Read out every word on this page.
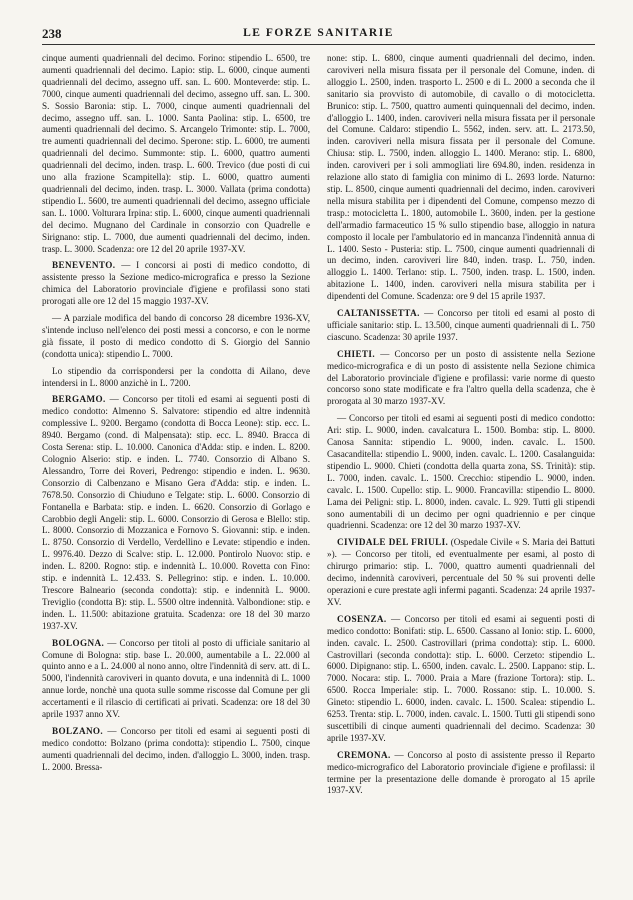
238	LE FORZE SANITARIE

cinque aumenti quadriennali del decimo. Forino: stipendio L. 6500, tre aumenti quadriennali del decimo. Lapio: stip. L. 6000, cinque aumenti quadriennali del decimo, assegno uff. san. L. 600. Monteverde: stip. L. 7000, cinque aumenti quadriennali del decimo, assegno uff. san. L. 300. S. Sossio Baronia: stip. L. 7000, cinque aumenti quadriennali del decimo, assegno uff. san. L. 1000. Santa Paolina: stip. L. 6500, tre aumenti quadriennali del decimo. S. Arcangelo Trimonte: stip. L. 7000, tre aumenti quadriennali del decimo. Sperone: stip. L. 6000, tre aumenti quadriennali del decimo. Summonte: stip. L. 6000, quattro aumenti quadriennali del decimo, inden. trasp. L. 600. Trevico (due posti di cui uno alla frazione Scampitella): stip. L. 6000, quattro aumenti quadriennali del decimo, inden. trasp. L. 3000. Vallata (prima condotta) stipendio L. 5600, tre aumenti quadriennali del decimo, assegno ufficiale san. L. 1000. Volturara Irpina: stip. L. 6000, cinque aumenti quadriennali del decimo. Mugnano del Cardinale in consorzio con Quadrelle e Sirignano: stip. L. 7000, due aumenti quadriennali del decimo, inden. trasp. L. 3000. Scadenza: ore 12 del 20 aprile 1937-XV.

BENEVENTO. — I concorsi ai posti di medico condotto, di assistente presso la Sezione medico-micrografica e presso la Sezione chimica del Laboratorio provinciale d'igiene e profilassi sono stati prorogati alle ore 12 del 15 maggio 1937-XV.

— A parziale modifica del bando di concorso 28 dicembre 1936-XV, s'intende incluso nell'elenco dei posti messi a concorso, e con le norme già fissate, il posto di medico condotto di S. Giorgio del Sannio (condotta unica): stipendio L. 7000.

Lo stipendio da corrispondersi per la condotta di Ailano, deve intendersi in L. 8000 anzichè in L. 7200.

BERGAMO. — Concorso per titoli ed esami ai seguenti posti di medico condotto: Almenno S. Salvatore: stipendio ed altre indennità complessive L. 9200. Bergamo (condotta di Bocca Leone): stip. ecc. L. 8940. Bergamo (cond. di Malpensata): stip. ecc. L. 8940. Bracca di Costa Serena: stip. L. 10.000. Canonica d'Adda: stip. e inden. L. 8200. Colognio Alserio: stip. e inden. L. 7740. Consorzio di Albano S. Alessandro, Torre dei Roveri, Pedrengo: stipendio e inden. L. 9630. Consorzio di Calbenzano e Misano Gera d'Adda: stip. e inden. L. 7678.50. Consorzio di Chiuduno e Telgate: stip. L. 6000. Consorzio di Fontanella e Barbata: stip. e inden. L. 6620. Consorzio di Gorlago e Carobbio degli Angeli: stip. L. 6000. Consorzio di Gerosa e Blello: stip. L. 8000. Consorzio di Mozzanica e Fornovo S. Giovanni: stip. e inden. L. 8750. Consorzio di Verdello, Verdellino e Levate: stipendio e inden. L. 9976.40. Dezzo di Scalve: stip. L. 12.000. Pontirolo Nuovo: stip. e inden. L. 8200. Rogno: stip. e indennità L. 10.000. Rovetta con Fino: stip. e indennità L. 12.433. S. Pellegrino: stip. e inden. L. 10.000. Trescore Balneario (seconda condotta): stip. e indennità L. 9000. Treviglio (condotta B): stip. L. 5500 oltre indennità. Valbondione: stip. e inden. L. 11.500: abitazione gratuita. Scadenza: ore 18 del 30 marzo 1937-XV.

BOLOGNA. — Concorso per titoli al posto di ufficiale sanitario al Comune di Bologna: stip. base L. 20.000, aumentabile a L. 22.000 al quinto anno e a L. 24.000 al nono anno, oltre l'indennità di serv. att. di L. 5000, l'indennità caroviveri in quanto dovuta, e una indennità di L. 1000 annue lorde, nonchè una quota sulle somme riscosse dal Comune per gli accertamenti e il rilascio di certificati ai privati. Scadenza: ore 18 del 30 aprile 1937 anno XV.

BOLZANO. — Concorso per titoli ed esami ai seguenti posti di medico condotto: Bolzano (prima condotta): stipendio L. 7500, cinque aumenti quadriennali del decimo, inden. d'alloggio L. 3000, inden. trasp. L. 2000. Bressa-

none: stip. L. 6800, cinque aumenti quadriennali del decimo, inden. caroviveri nella misura fissata per il personale del Comune, inden. di alloggio L. 2500, inden. trasporto L. 2500 e di L. 2000 a seconda che il sanitario sia provvisto di automobile, di cavallo o di motocicletta. Brunico: stip. L. 7500, quattro aumenti quinquennali del decimo, inden. d'alloggio L. 1400, inden. caroviveri nella misura fissata per il personale del Comune. Caldaro: stipendio L. 5562, inden. serv. att. L. 2173.50, inden. caroviveri nella misura fissata per il personale del Comune. Chiusa: stip. L. 7500, inden. alloggio L. 1400. Merano: stip. L. 6800, inden. caroviveri per i soli ammogliati lire 694.80, inden. residenza in relazione allo stato di famiglia con minimo di L. 2693 lorde. Naturno: stip. L. 8500, cinque aumenti quadriennali del decimo, inden. caroviveri nella misura stabilita per i dipendenti del Comune, compenso mezzo di trasp.: motocicletta L. 1800, automobile L. 3600, inden. per la gestione dell'armadio farmaceutico 15 % sullo stipendio base, alloggio in natura composto il locale per l'ambulatorio ed in mancanza l'indennità annua di L. 1400. Sesto - Pusteria: stip. L. 7500, cinque aumenti quadriennali di un decimo, inden. caroviveri lire 840, inden. trasp. L. 750, inden. alloggio L. 1400. Terlano: stip. L. 7500, inden. trasp. L. 1500, inden. abitazione L. 1400, inden. caroviveri nella misura stabilita per i dipendenti del Comune. Scadenza: ore 9 del 15 aprile 1937.

CALTANISSETTA. — Concorso per titoli ed esami al posto di ufficiale sanitario: stip. L. 13.500, cinque aumenti quadriennali di L. 750 ciascuno. Scadenza: 30 aprile 1937.

CHIETI. — Concorso per un posto di assistente nella Sezione medico-micrografica e di un posto di assistente nella Sezione chimica del Laboratorio provinciale d'igiene e profilassi: varie norme di questo concorso sono state modificate e fra l'altro quella della scadenza, che è prorogata al 30 marzo 1937-XV.

— Concorso per titoli ed esami ai seguenti posti di medico condotto: Ari: stip. L. 9000, inden. cavalcatura L. 1500. Bomba: stip. L. 8000. Canosa Sannita: stipendio L. 9000, inden. cavalc. L. 1500. Casacanditella: stipendio L. 9000, inden. cavalc. L. 1200. Casalanguida: stipendio L. 9000. Chieti (condotta della quarta zona, SS. Trinità): stip. L. 7000, inden. cavalc. L. 1500. Crecchio: stipendio L. 9000, inden. cavalc. L. 1500. Cupello: stip. L. 9000. Francavilla: stipendio L. 8000. Lama dei Peligni: stip. L. 8000, inden. cavalc. L. 929. Tutti gli stipendi sono aumentabili di un decimo per ogni quadriennio e per cinque quadrienni. Scadenza: ore 12 del 30 marzo 1937-XV.

CIVIDALE DEL FRIULI. (Ospedale Civile « S. Maria dei Battuti »). — Concorso per titoli, ed eventualmente per esami, al posto di chirurgo primario: stip. L. 7000, quattro aumenti quadriennali del decimo, indennità caroviveri, percentuale del 50 % sui proventi delle operazioni e cure prestate agli infermi paganti. Scadenza: 24 aprile 1937-XV.

COSENZA. — Concorso per titoli ed esami ai seguenti posti di medico condotto: Bonifati: stip. L. 6500. Cassano al Ionio: stip. L. 6000, inden. cavalc. L. 2500. Castrovillari (prima condotta): stip. L. 6000. Castrovillari (seconda condotta): stip. L. 6000. Cerzeto: stipendio L. 6000. Dipignano: stip. L. 6500, inden. cavalc. L. 2500. Lappano: stip. L. 7000. Nocara: stip. L. 7000. Praia a Mare (frazione Tortora): stip. L. 6500. Rocca Imperiale: stip. L. 7000. Rossano: stip. L. 10.000. S. Gineto: stipendio L. 6000, inden. cavalc. L. 1500. Scalea: stipendio L. 6253. Trenta: stip. L. 7000, inden. cavalc. L. 1500. Tutti gli stipendi sono suscettibili di cinque aumenti quadriennali del decimo. Scadenza: 30 aprile 1937-XV.

CREMONA. — Concorso al posto di assistente presso il Reparto medico-micrografico del Laboratorio provinciale d'igiene e profilassi: il termine per la presentazione delle domande è prorogato al 15 aprile 1937-XV.
